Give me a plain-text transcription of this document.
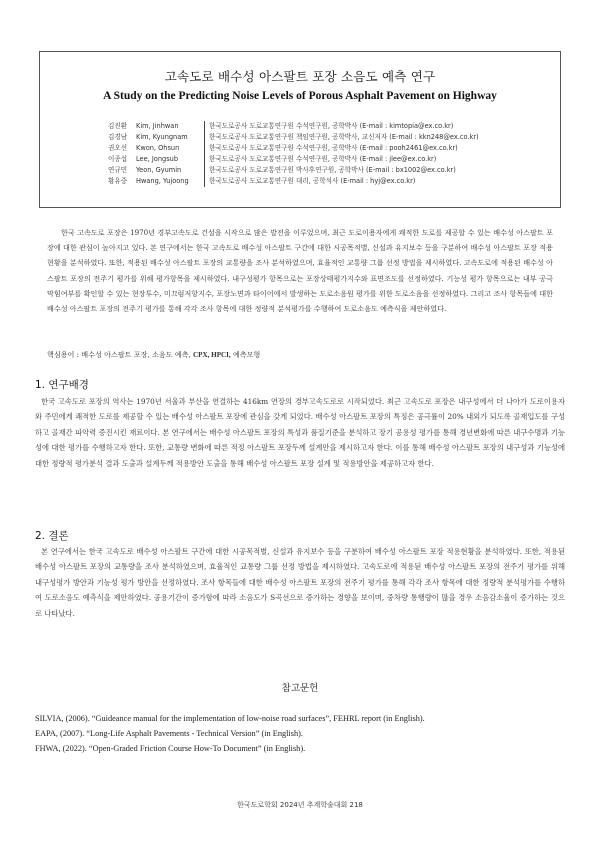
고속도로 배수성 아스팔트 포장 소음도 예측 연구
A Study on the Predicting Noise Levels of Porous Asphalt Pavement on Highway
김진환	Kim, Jinhwan	한국도로공사 도로교통연구원 수석연구원, 공학박사 (E-mail : kimtopia@ex.co.kr)
김경남	Kim, Kyungnam	한국도로공사 도로교통연구원 책임연구원, 공학박사, 교신저자 (E-mail : kkn248@ex.co.kr)
권오선	Kwon, Ohsun	한국도로공사 도로교통연구원 수석연구원, 공학박사 (E-mail : pooh2461@ex.co.kr)
이종섭	Lee, Jongsub	한국도로공사 도로교통연구원 수석연구원, 공학박사 (E-mail : jlee@ex.co.kr)
연규민	Yeon, Gyumin	한국도로공사 도로교통연구원 박사후연구원, 공학박사 (E-mail : bx1002@ex.co.kr)
황유중	Hwang, Yujoong	한국도로공사 도로교통연구원 대리, 공학석사 (E-mail : hyj@ex.co.kr)

한국 고속도로 포장은 1970년 경부고속도로 건설을 시작으로 많은 발전을 이루었으며, 최근 도로이용자에게 쾌적한 도로를 제공할 수 있는 배수성 아스팔트 포장에 대한 관심이 높아지고 있다. 본 연구에서는 한국 고속도로 배수성 아스팔트 구간에 대한 시공목적별, 신설과 유지보수 등을 구분하여 배수성 아스팔트 포장 적용현황을 분석하였다. 또한, 적용된 배수성 아스팔트 포장의 교통량을 조사 분석하였으며, 효율적인 교통량 그룹 선정 방법을 제시하였다. 고속도로에 적용된 배수성 아스팔트 포장의 전주기 평가를 위해 평가항목을 제시하였다. 내구성평가 항목으로는 포장상태평가지수와 표면조도를 선정하였다. 기능성 평가 항목으로는 내부 공극 막힘여부를 확인할 수 있는 현장투수, 미끄럼저항지수, 포장노면과 타이어에서 발생하는 도로소음원 평가를 위한 도로소음을 선정하였다. 그리고 조사 항목들에 대한 배수성 아스팔트 포장의 전주기 평가를 통해 각각 조사 항목에 대한 정량적 분석평가를 수행하여 도로소음도 예측식을 제안하였다.

핵심용어 : 배수성 아스팔트 포장, 소음도 예측, CPX, HPCI, 예측모형

1. 연구배경

한국 고속도로 포장의 역사는 1970년 서울과 부산을 연결하는 416km 연장의 경부고속도로로 시작되었다. 최근 고속도로 포장은 내구성에서 더 나아가 도로이용자와 주민에게 쾌적한 도로를 제공할 수 있는 배수성 아스팔트 포장에 관심을 갖게 되었다. 배수성 아스팔트 포장의 특징은 공극률이 20% 내외가 되도록 골재입도를 구성하고 골재간 파악력 증진시킨 재료이다. 본 연구에서는 배수성 아스팔트 포장의 특성과 품질기준을 분석하고 장기 공용성 평가를 통해 경년변화에 따른 내구수명과 기능성에 대한 평가를 수행하고자 한다. 또한, 교통량 변화에 따른 적정 아스팔트 포장두께 설계안을 제시하고자 한다. 이를 통해 배수성 아스팔트 포장의 내구성과 기능성에 대한 정량적 평가분석 결과 도출과 설계두께 적용방안 도출을 통해 배수성 아스팔트 포장 설계 및 적용방안을 제공하고자 한다.

2. 결론

본 연구에서는 한국 고속도로 배수성 아스팔트 구간에 대한 시공목적별, 신설과 유지보수 등을 구분하여 배수성 아스팔트 포장 적용현황을 분석하였다. 또한, 적용된 배수성 아스팔트 포장의 교통량을 조사 분석하였으며, 효율적인 교통량 그룹 선정 방법을 제시하였다. 고속도로에 적용된 배수성 아스팔트 포장의 전주기 평가를 위해 내구성평가 방안과 기능성 평가 방안을 선정하였다. 조사 항목들에 대한 배수성 아스팔트 포장의 전주기 평가를 통해 각각 조사 항목에 대한 정량적 분석평가를 수행하여 도로소음도 예측식을 제안하였다. 공용기간이 증가함에 따라 소음도가 S곡선으로 증가하는 경향을 보이며, 중차량 통행량이 많을 경우 소음감소율이 증가하는 것으로 나타났다.

참고문헌
SILVIA, (2006). “Guideance manual for the implementation of low-noise road surfaces”, FEHRL report (in English).
EAPA, (2007). “Long-Life Asphalt Pavements - Technical Version” (in English).
FHWA, (2022). “Open-Graded Friction Course How-To Document” (in English).
한국도로학회 2024년 추계학술대회 218
